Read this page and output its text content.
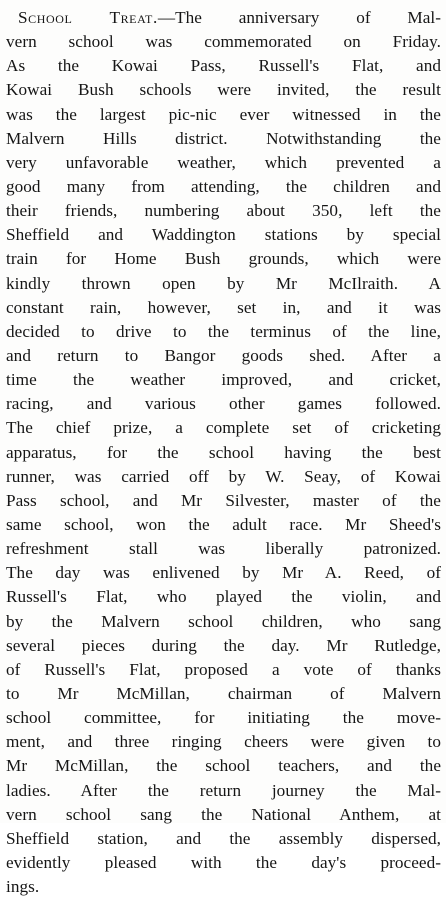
School Treat.—The anniversary of Mal-
vern school was commemorated on Friday.
As the Kowai Pass, Russell's Flat, and
Kowai Bush schools were invited, the result
was the largest pic-nic ever witnessed in the
Malvern Hills district. Notwithstanding the
very unfavorable weather, which prevented a
good many from attending, the children and
their friends, numbering about 350, left the
Sheffield and Waddington stations by special
train for Home Bush grounds, which were
kindly thrown open by Mr McIlraith. A
constant rain, however, set in, and it was
decided to drive to the terminus of the line,
and return to Bangor goods shed. After a
time the weather improved, and cricket,
racing, and various other games followed.
The chief prize, a complete set of cricketing
apparatus, for the school having the best
runner, was carried off by W. Seay, of Kowai
Pass school, and Mr Silvester, master of the
same school, won the adult race. Mr Sheed's
refreshment stall was liberally patronized.
The day was enlivened by Mr A. Reed, of
Russell's Flat, who played the violin, and
by the Malvern school children, who sang
several pieces during the day. Mr Rutledge,
of Russell's Flat, proposed a vote of thanks
to Mr McMillan, chairman of Malvern
school committee, for initiating the move-
ment, and three ringing cheers were given to
Mr McMillan, the school teachers, and the
ladies. After the return journey the Mal-
vern school sang the National Anthem, at
Sheffield station, and the assembly dispersed,
evidently pleased with the day's proceed-
ings.
